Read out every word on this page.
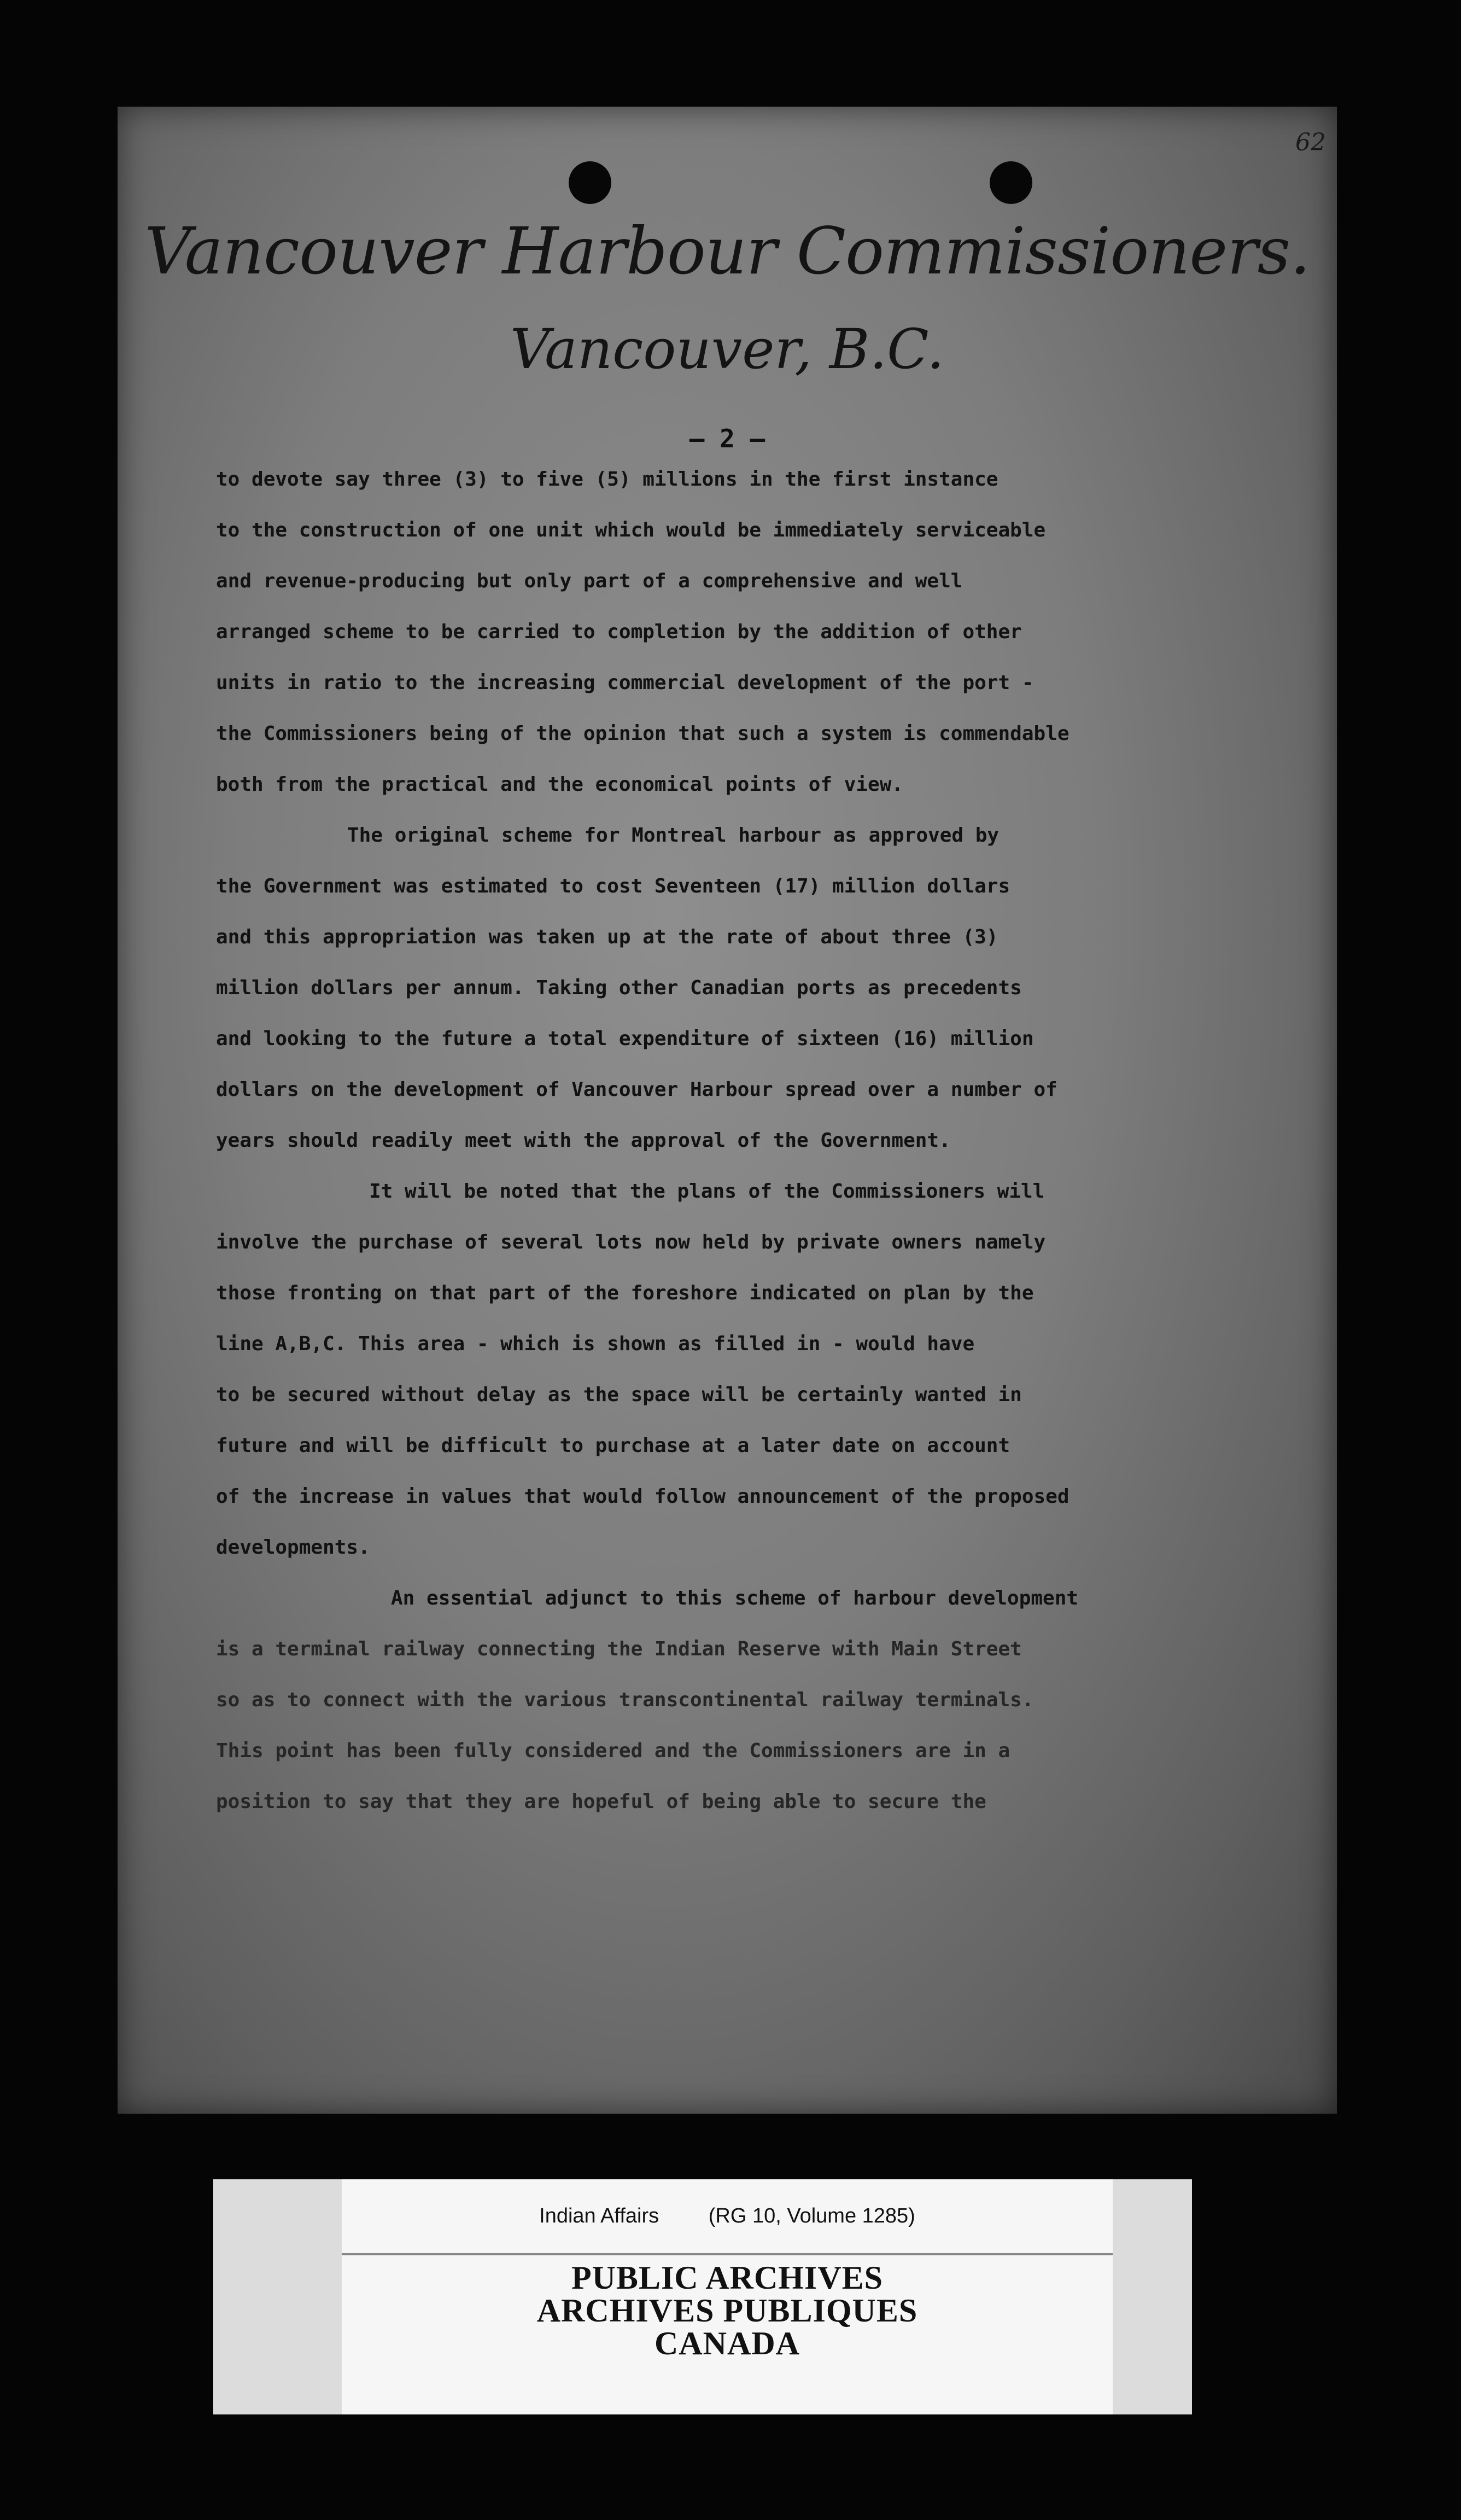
62
Vancouver Harbour Commissioners.
Vancouver, B.C.
— 2 —
to devote say three (3) to five (5) millions in the first instance
to the construction of one unit which would be immediately serviceable
and revenue-producing but only part of a comprehensive and well
arranged scheme to be carried to completion by the addition of other
units in ratio to the increasing commercial development of the port -
the Commissioners being of the opinion that such a system is commendable
both from the practical and the economical points of view.
The original scheme for Montreal harbour as approved by
the Government was estimated to cost Seventeen (17) million dollars
and this appropriation was taken up at the rate of about three (3)
million dollars per annum. Taking other Canadian ports as precedents
and looking to the future a total expenditure of sixteen (16) million
dollars on the development of Vancouver Harbour spread over a number of
years should readily meet with the approval of the Government.
It will be noted that the plans of the Commissioners will
involve the purchase of several lots now held by private owners namely
those fronting on that part of the foreshore indicated on plan by the
line A,B,C. This area - which is shown as filled in - would have
to be secured without delay as the space will be certainly wanted in
future and will be difficult to purchase at a later date on account
of the increase in values that would follow announcement of the proposed
developments.
An essential adjunct to this scheme of harbour development
is a terminal railway connecting the Indian Reserve with Main Street
so as to connect with the various transcontinental railway terminals.
This point has been fully considered and the Commissioners are in a
position to say that they are hopeful of being able to secure the
Indian Affairs (RG 10, Volume 1285)
PUBLIC ARCHIVES
ARCHIVES PUBLIQUES
CANADA
